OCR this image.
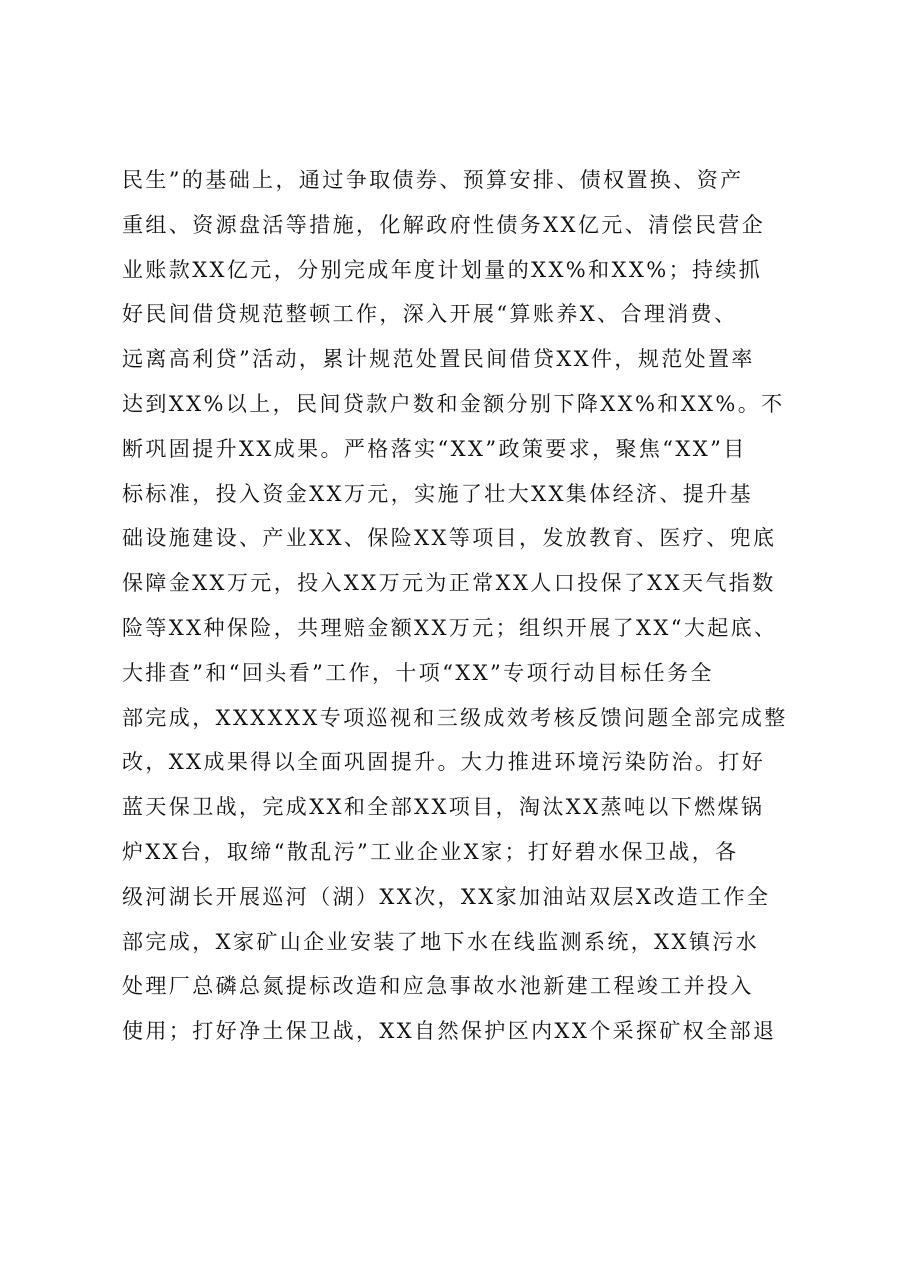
民生”的基础上，通过争取债券、预算安排、债权置换、资产
重组、资源盘活等措施，化解政府性债务XX亿元、清偿民营企
业账款XX亿元，分别完成年度计划量的XX%和XX%；持续抓
好民间借贷规范整顿工作，深入开展“算账养X、合理消费、
远离高利贷”活动，累计规范处置民间借贷XX件，规范处置率
达到XX%以上，民间贷款户数和金额分别下降XX%和XX%。不
断巩固提升XX成果。严格落实“XX”政策要求，聚焦“XX”目
标标准，投入资金XX万元，实施了壮大XX集体经济、提升基
础设施建设、产业XX、保险XX等项目，发放教育、医疗、兜底
保障金XX万元，投入XX万元为正常XX人口投保了XX天气指数
险等XX种保险，共理赔金额XX万元；组织开展了XX“大起底、
大排查”和“回头看”工作，十项“XX”专项行动目标任务全
部完成，XXXXXX专项巡视和三级成效考核反馈问题全部完成整
改，XX成果得以全面巩固提升。大力推进环境污染防治。打好
蓝天保卫战，完成XX和全部XX项目，淘汰XX蒸吨以下燃煤锅
炉XX台，取缔“散乱污”工业企业X家；打好碧水保卫战，各
级河湖长开展巡河（湖）XX次，XX家加油站双层X改造工作全
部完成，X家矿山企业安装了地下水在线监测系统，XX镇污水
处理厂总磷总氮提标改造和应急事故水池新建工程竣工并投入
使用；打好净土保卫战，XX自然保护区内XX个采探矿权全部退
